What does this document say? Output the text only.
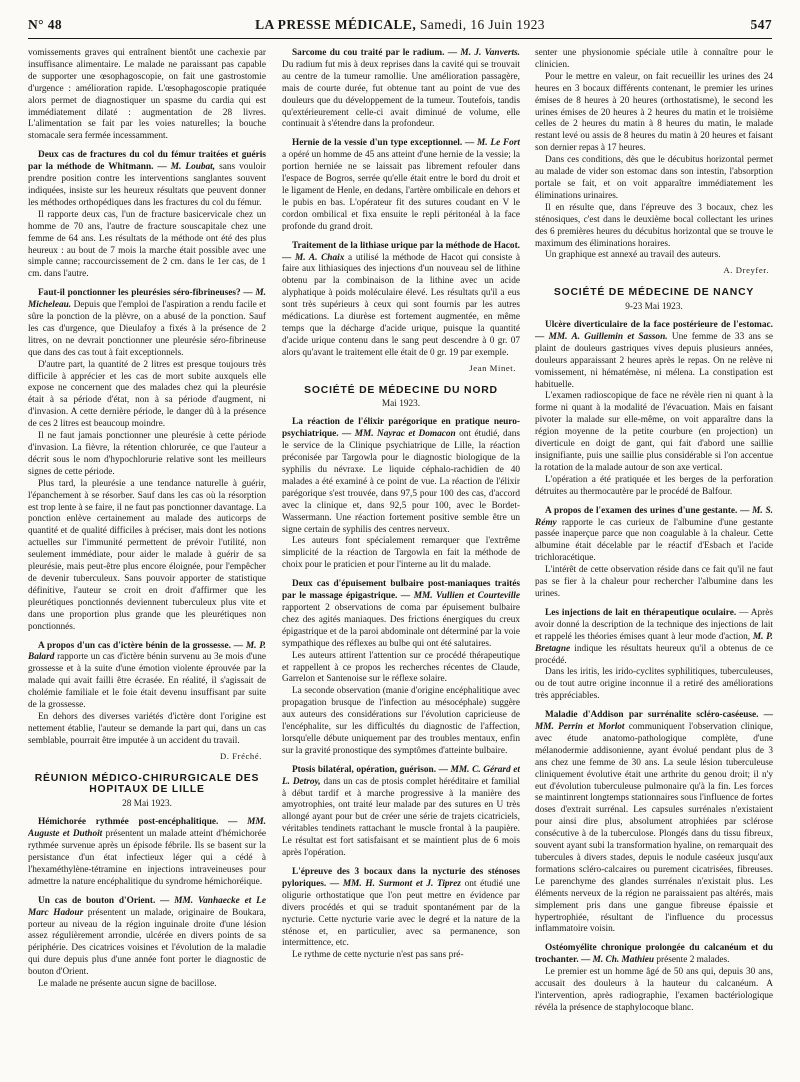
N° 48	LA PRESSE MÉDICALE, Samedi, 16 Juin 1923	547

vomissements graves qui entraînent bientôt une cachexie par insuffisance alimentaire. Le malade ne paraissant pas capable de supporter une œsophagoscopie, on fait une gastrostomie d'urgence : amélioration rapide. L'œsophagoscopie pratiquée alors permet de diagnostiquer un spasme du cardia qui est immédiatement dilaté : augmentation de 28 livres. L'alimentation se fait par les voies naturelles; la bouche stomacale sera fermée incessamment.

Deux cas de fractures du col du fémur traitées et guéris par la méthode de Whitmann. — M. Loubat, sans vouloir prendre position contre les interventions sanglantes souvent indiquées, insiste sur les heureux résultats que peuvent donner les méthodes orthopédiques dans les fractures du col du fémur.

Il rapporte deux cas, l'un de fracture basicervicale chez un homme de 70 ans, l'autre de fracture souscapitale chez une femme de 64 ans. Les résultats de la méthode ont été des plus heureux : au bout de 7 mois la marche était possible avec une simple canne; raccourcissement de 2 cm. dans le 1er cas, de 1 cm. dans l'autre.

Faut-il ponctionner les pleurésies séro-fibrineuses? — M. Micheleau. Depuis que l'emploi de l'aspiration a rendu facile et sûre la ponction de la plèvre, on a abusé de la ponction. Sauf les cas d'urgence, que Dieulafoy a fixés à la présence de 2 litres, on ne devrait ponctionner une pleurésie séro-fibrineuse que dans des cas tout à fait exceptionnels.

D'autre part, la quantité de 2 litres est presque toujours très difficile à apprécier et les cas de mort subite auxquels elle expose ne concernent que des malades chez qui la pleurésie était à sa période d'état, non à sa période d'augment, ni d'invasion. A cette dernière période, le danger dû à la présence de ces 2 litres est beaucoup moindre.

Il ne faut jamais ponctionner une pleurésie à cette période d'invasion. La fièvre, la rétention chlorurée, ce que l'auteur a décrit sous le nom d'hypochlorurie relative sont les meilleurs signes de cette période.

Plus tard, la pleurésie a une tendance naturelle à guérir, l'épanchement à se résorber. Sauf dans les cas où la résorption est trop lente à se faire, il ne faut pas ponctionner davantage. La ponction enlève certainement au malade des auticorps de quantité et de qualité difficiles à préciser, mais dont les notions actuelles sur l'immunité permettent de prévoir l'utilité, non seulement immédiate, pour aider le malade à guérir de sa pleurésie, mais peut-être plus encore éloignée, pour l'empêcher de devenir tuberculeux. Sans pouvoir apporter de statistique définitive, l'auteur se croit en droit d'affirmer que les pleurétiques ponctionnés deviennent tuberculeux plus vite et dans une proportion plus grande que les pleurétiques non ponctionnés.

A propos d'un cas d'ictère bénin de la grossesse. — M. P. Balard rapporte un cas d'ictère bénin survenu au 3e mois d'une grossesse et à la suite d'une émotion violente éprouvée par la malade qui avait failli être écrasée. En réalité, il s'agissait de cholémie familiale et le foie était devenu insuffisant par suite de la grossesse.

En dehors des diverses variétés d'ictère dont l'origine est nettement établie, l'auteur se demande la part qui, dans un cas semblable, pourrait être imputée à un accident du travail.

D. Fréché.
RÉUNION MÉDICO-CHIRURGICALE DES HOPITAUX DE LILLE
28 Mai 1923.

Hémichorée rythmée post-encéphalitique. — MM. Auguste et Duthoit présentent un malade atteint d'hémichorée rythmée survenue après un épisode fébrile. Ils se basent sur la persistance d'un état infectieux léger qui a cédé à l'hexaméthylène-tétramine en injections intraveineuses pour admettre la nature encéphalitique du syndrome hémichoréique.

Un cas de bouton d'Orient. — MM. Vanhaecke et Le Marc Hadour présentent un malade, originaire de Boukara, porteur au niveau de la région inguinale droite d'une lésion assez régulièrement arrondie, ulcérée en divers points de sa périphérie. Des cicatrices voisines et l'évolution de la maladie qui dure depuis plus d'une année font porter le diagnostic de bouton d'Orient.

Le malade ne présente aucun signe de bacillose.

Sarcome du cou traité par le radium. — M. J. Vanverts. Du radium fut mis à deux reprises dans la cavité qui se trouvait au centre de la tumeur ramollie. Une amélioration passagère, mais de courte durée, fut obtenue tant au point de vue des douleurs que du développement de la tumeur. Toutefois, tandis qu'extérieurement celle-ci avait diminué de volume, elle continuait à s'étendre dans la profondeur.

Hernie de la vessie d'un type exceptionnel. — M. Le Fort a opéré un homme de 45 ans atteint d'une hernie de la vessie; la portion herniée ne se laissait pas librement refouler dans l'espace de Bogros, serrée qu'elle était entre le bord du droit et le ligament de Henle, en dedans, l'artère ombilicale en dehors et le pubis en bas. L'opérateur fit des sutures coudant en V le cordon ombilical et fixa ensuite le repli péritonéal à la face profonde du grand droit.

Traitement de la lithiase urique par la méthode de Hacot. — M. A. Chaix a utilisé la méthode de Hacot qui consiste à faire aux lithiasiques des injections d'un nouveau sel de lithine obtenu par la combinaison de la lithine avec un acide alyphatique à poids moléculaire élevé. Les résultats qu'il a eus sont très supérieurs à ceux qui sont fournis par les autres médications. La diurèse est fortement augmentée, en même temps que la décharge d'acide urique, puisque la quantité d'acide urique contenu dans le sang peut descendre à 0 gr. 07 alors qu'avant le traitement elle était de 0 gr. 19 par exemple.

Jean Minet.
SOCIÉTÉ DE MÉDECINE DU NORD
Mai 1923.

La réaction de l'élixir parégorique en pratique neuro-psychiatrique. — MM. Nayrac et Domacon ont étudié, dans le service de la Clinique psychiatrique de Lille, la réaction préconisée par Targowla pour le diagnostic biologique de la syphilis du névraxe. Le liquide céphalo-rachidien de 40 malades a été examiné à ce point de vue. La réaction de l'élixir parégorique s'est trouvée, dans 97,5 pour 100 des cas, d'accord avec la clinique et, dans 92,5 pour 100, avec le Bordet-Wassermann. Une réaction fortement positive semble être un signe certain de syphilis des centres nerveux.

Les auteurs font spécialement remarquer que l'extrême simplicité de la réaction de Targowla en fait la méthode de choix pour le praticien et pour l'interne au lit du malade.

Deux cas d'épuisement bulbaire post-maniaques traités par le massage épigastrique. — MM. Vullien et Courteville rapportent 2 observations de coma par épuisement bulbaire chez des agités maniaques. Des frictions énergiques du creux épigastrique et de la paroi abdominale ont déterminé par la voie sympathique des réflexes au bulbe qui ont été salutaires.

Les auteurs attirent l'attention sur ce procédé thérapeutique et rappellent à ce propos les recherches récentes de Claude, Garrelon et Santenoise sur le réflexe solaire.

La seconde observation (manie d'origine encéphalitique avec propagation brusque de l'infection au mésocéphale) suggère aux auteurs des considérations sur l'évolution capricieuse de l'encéphalite, sur les difficultés du diagnostic de l'affection, lorsqu'elle débute uniquement par des troubles mentaux, enfin sur la gravité pronostique des symptômes d'atteinte bulbaire.

Ptosis bilatéral, opération, guérison. — MM. C. Gérard et L. Detroy, dans un cas de ptosis complet héréditaire et familial à début tardif et à marche progressive à la manière des amyotrophies, ont traité leur malade par des sutures en U très allongé ayant pour but de créer une série de trajets cicatriciels, véritables tendinets rattachant le muscle frontal à la paupière. Le résultat est fort satisfaisant et se maintient plus de 6 mois après l'opération.

L'épreuve des 3 bocaux dans la nycturie des sténoses pyloriques. — MM. H. Surmont et J. Tiprez ont étudié une oligurie orthostatique que l'on peut mettre en évidence par divers procédés et qui se traduit spontanément par de la nycturie. Cette nycturie varie avec le degré et la nature de la sténose et, en particulier, avec sa permanence, son intermittence, etc.

Le rythme de cette nycturie n'est pas sans pré-

senter une physionomie spéciale utile à connaître pour le clinicien.

Pour le mettre en valeur, on fait recueillir les urines des 24 heures en 3 bocaux différents contenant, le premier les urines émises de 8 heures à 20 heures (orthostatisme), le second les urines émises de 20 heures à 2 heures du matin et le troisième celles de 2 heures du matin à 8 heures du matin, le malade restant levé ou assis de 8 heures du matin à 20 heures et faisant son dernier repas à 17 heures.

Dans ces conditions, dès que le décubitus horizontal permet au malade de vider son estomac dans son intestin, l'absorption portale se fait, et on voit apparaître immédiatement les éliminations urinaires.

Il en résulte que, dans l'épreuve des 3 bocaux, chez les sténosiques, c'est dans le deuxième bocal collectant les urines des 6 premières heures du décubitus horizontal que se trouve le maximum des éliminations horaires.

Un graphique est annexé au travail des auteurs.

A. Dreyfer.
SOCIÉTÉ DE MÉDECINE DE NANCY
9-23 Mai 1923.

Ulcère diverticulaire de la face postérieure de l'estomac. — MM. A. Guillemin et Sasson. Une femme de 33 ans se plaint de douleurs gastriques vives depuis plusieurs années, douleurs apparaissant 2 heures après le repas. On ne relève ni vomissement, ni hématémèse, ni mélena. La constipation est habituelle.

L'examen radioscopique de face ne révèle rien ni quant à la forme ni quant à la modalité de l'évacuation. Mais en faisant pivoter la malade sur elle-même, on voit apparaître dans la région moyenne de la petite courbure (en projection) un diverticule en doigt de gant, qui fait d'abord une saillie insignifiante, puis une saillie plus considérable si l'on accentue la rotation de la malade autour de son axe vertical.

L'opération a été pratiquée et les berges de la perforation détruites au thermocautère par le procédé de Balfour.

A propos de l'examen des urines d'une gestante. — M. S. Rémy rapporte le cas curieux de l'albumine d'une gestante passée inaperçue parce que non coagulable à la chaleur. Cette albumine était décelable par le réactif d'Esbach et l'acide trichloracétique.

L'intérêt de cette observation réside dans ce fait qu'il ne faut pas se fier à la chaleur pour rechercher l'albumine dans les urines.

Les injections de lait en thérapeutique oculaire. — Après avoir donné la description de la technique des injections de lait et rappelé les théories émises quant à leur mode d'action, M. P. Bretagne indique les résultats heureux qu'il a obtenus de ce procédé.

Dans les iritis, les irido-cyclites syphilitiques, tuberculeuses, ou de tout autre origine inconnue il a retiré des améliorations très appréciables.

Maladie d'Addison par surrénalite scléro-caséeuse. — MM. Perrin et Morlot communiquent l'observation clinique, avec étude anatomo-pathologique complète, d'une mélanodermie addisonienne, ayant évolué pendant plus de 3 ans chez une femme de 30 ans. La seule lésion tuberculeuse cliniquement évolutive était une arthrite du genou droit; il n'y eut d'évolution tuberculeuse pulmonaire qu'à la fin. Les forces se maintinrent longtemps stationnaires sous l'influence de fortes doses d'extrait surrénal. Les capsules surrénales n'existaient pour ainsi dire plus, absolument atrophiées par sclérose consécutive à de la tuberculose. Plongés dans du tissu fibreux, souvent ayant subi la transformation hyaline, on remarquait des tubercules à divers stades, depuis le nodule caséeux jusqu'aux formations scléro-calcaires ou purement cicatrisées, fibreuses. Le parenchyme des glandes surrénales n'existait plus. Les éléments nerveux de la région ne paraissaient pas altérés, mais simplement pris dans une gangue fibreuse épaissie et hypertrophiée, résultant de l'influence du processus inflammatoire voisin.

Ostéomyélite chronique prolongée du calcanéum et du trochanter. — M. Ch. Mathieu présente 2 malades.

Le premier est un homme âgé de 50 ans qui, depuis 30 ans, accusait des douleurs à la hauteur du calcanéum. A l'intervention, après radiographie, l'examen bactériologique révéla la présence de staphylocoque blanc.
